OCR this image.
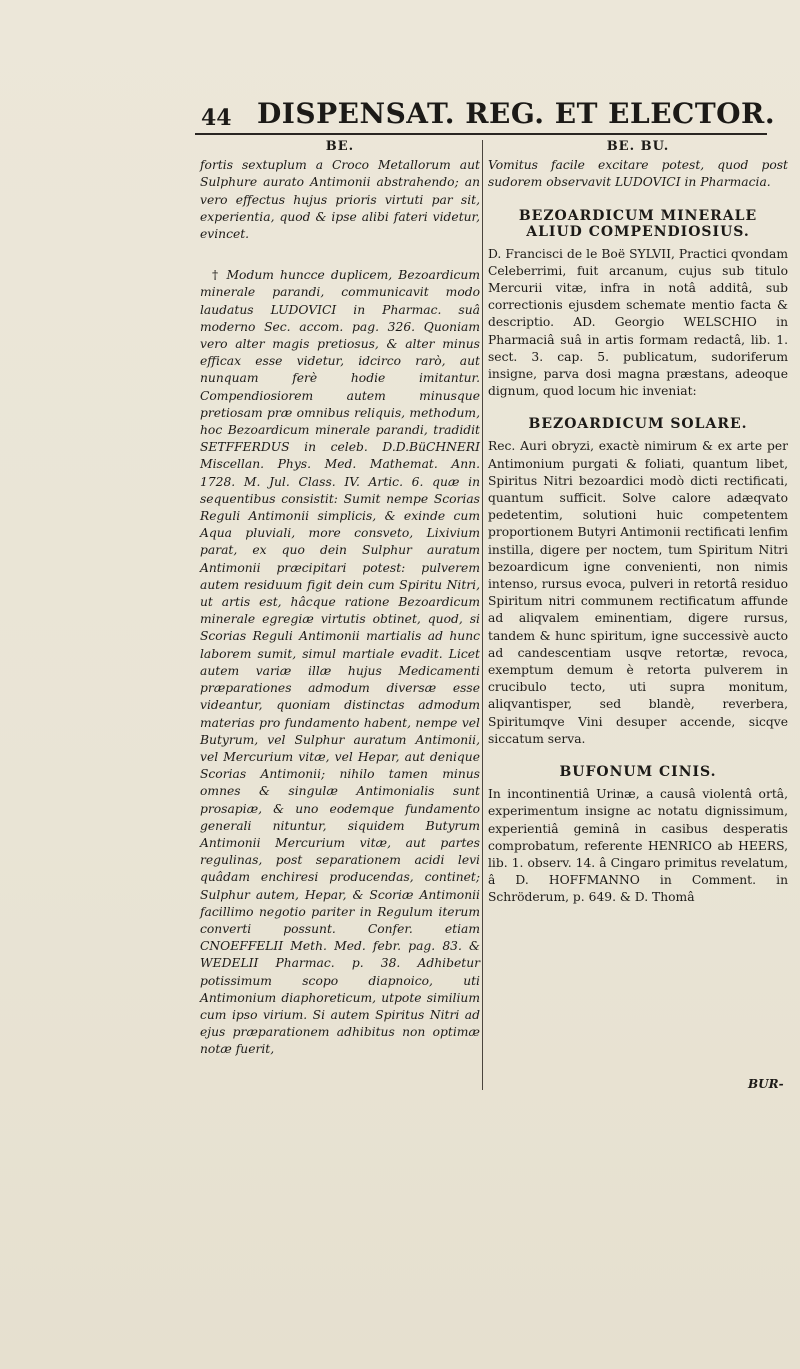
44 DISPENSAT. REG. ET ELECTOR.
BE.

fortis sextuplum a Croco Metallorum aut Sulphure aurato Antimonii abstrahendo; an vero effectus hujus prioris virtuti par sit, experientia, quod & ipse alibi fateri videtur, evincet.

† Modum huncce duplicem, Bezoardicum minerale parandi, communicavit modo laudatus LUDOVICI in Pharmac. suâ moderno Sec. accom. pag. 326. Quoniam vero alter magis pretiosus, & alter minus efficax esse videtur, idcirco rarò, aut nunquam ferè hodie imitantur. Compendiosiorem autem minusque pretiosam præ omnibus reliquis, methodum, hoc Bezoardicum minerale parandi, tradidit SETFFERDUS in celeb. D.D.BüCHNERI Miscellan. Phys. Med. Mathemat. Ann. 1728. M. Jul. Class. IV. Artic. 6. quæ in sequentibus consistit: Sumit nempe Scorias Reguli Antimonii simplicis, & exinde cum Aqua pluviali, more consveto, Lixivium parat, ex quo dein Sulphur auratum Antimonii præcipitari potest: pulverem autem residuum figit dein cum Spiritu Nitri, ut artis est, hâcque ratione Bezoardicum minerale egregiæ virtutis obtinet, quod, si Scorias Reguli Antimonii martialis ad hunc laborem sumit, simul martiale evadit. Licet autem variæ illæ hujus Medicamenti præparationes admodum diversæ esse videantur, quoniam distinctas admodum materias pro fundamento habent, nempe vel Butyrum, vel Sulphur auratum Antimonii, vel Mercurium vitæ, vel Hepar, aut denique Scorias Antimonii; nihilo tamen minus omnes & singulæ Antimonialis sunt prosapiæ, & uno eodemque fundamento generali nituntur, siquidem Butyrum Antimonii Mercurium vitæ, aut partes regulinas, post separationem acidi levi quâdam enchiresi producendas, continet; Sulphur autem, Hepar, & Scoriæ Antimonii facillimo negotio pariter in Regulum iterum converti possunt. Confer. etiam CNOEFFELII Meth. Med. febr. pag. 83. & WEDELII Pharmac. p. 38. Adhibetur potissimum scopo diapnoico, uti Antimonium diaphoreticum, utpote similium cum ipso virium. Si autem Spiritus Nitri ad ejus præparationem adhibitus non optimæ notæ fuerit,

BE. BU.

Vomitus facile excitare potest, quod post sudorem observavit LUDOVICI in Pharmacia.

BEZOARDICUM MINERALE
ALIUD COMPENDIOSIUS.

D. Francisci de le Boë SYLVII, Practici qvondam Celeberrimi, fuit arcanum, cujus sub titulo Mercurii vitæ, infra in notâ additâ, sub correctionis ejusdem schemate mentio facta & descriptio. AD. Georgio WELSCHIO in Pharmaciâ suâ in artis formam redactâ, lib. 1. sect. 3. cap. 5. publicatum, sudoriferum insigne, parva dosi magna præstans, adeoque dignum, quod locum hic inveniat:

BEZOARDICUM SOLARE.

Rec. Auri obryzi, exactè nimirum & ex arte per Antimonium purgati & foliati, quantum libet, Spiritus Nitri bezoardici modò dicti rectificati, quantum sufficit. Solve calore adæqvato pedetentim, solutioni huic competentem proportionem Butyri Antimonii rectificati lenfim instilla, digere per noctem, tum Spiritum Nitri bezoardicum igne convenienti, non nimis intenso, rursus evoca, pulveri in retortâ residuo Spiritum nitri communem rectificatum affunde ad aliqvalem eminentiam, digere rursus, tandem & hunc spiritum, igne successivè aucto ad candescentiam usqve retortæ, revoca, exemptum demum è retorta pulverem in crucibulo tecto, uti supra monitum, aliqvantisper, sed blandè, reverbera, Spiritumqve Vini desuper accende, sicqve siccatum serva.

BUFONUM CINIS.

In incontinentiâ Urinæ, a causâ violentâ ortâ, experimentum insigne ac notatu dignissimum, experientiâ geminâ in casibus desperatis comprobatum, referente HENRICO ab HEERS, lib. 1. observ. 14. â Cingaro primitus revelatum, â D. HOFFMANNO in Comment. in Schröderum, p. 649. & D. Thomâ

BUR-
